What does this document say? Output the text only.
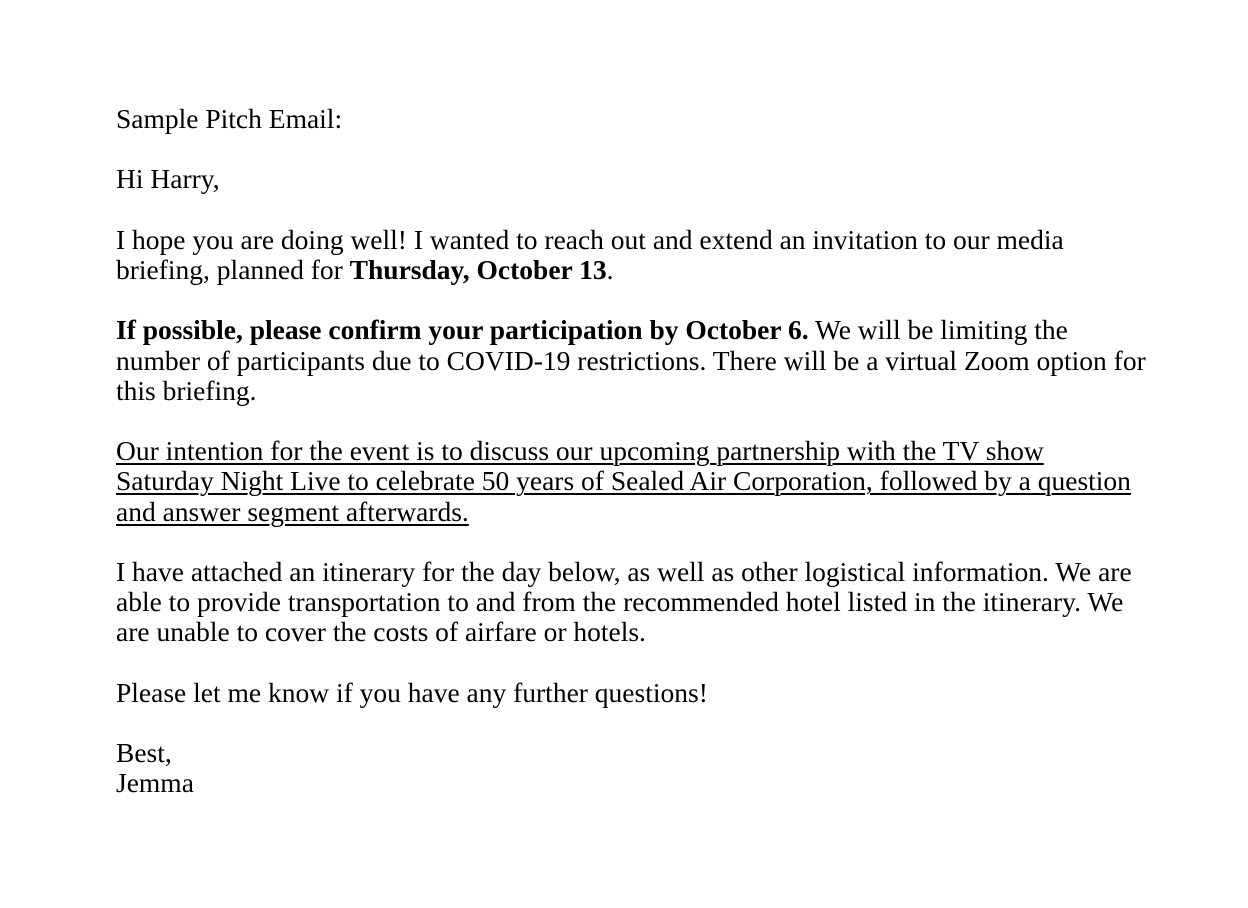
Sample Pitch Email:

Hi Harry,

I hope you are doing well! I wanted to reach out and extend an invitation to our media briefing, planned for Thursday, October 13.

If possible, please confirm your participation by October 6. We will be limiting the number of participants due to COVID-19 restrictions. There will be a virtual Zoom option for this briefing.

Our intention for the event is to discuss our upcoming partnership with the TV show Saturday Night Live to celebrate 50 years of Sealed Air Corporation, followed by a question and answer segment afterwards.

I have attached an itinerary for the day below, as well as other logistical information. We are able to provide transportation to and from the recommended hotel listed in the itinerary. We are unable to cover the costs of airfare or hotels.

Please let me know if you have any further questions!

Best,
Jemma
